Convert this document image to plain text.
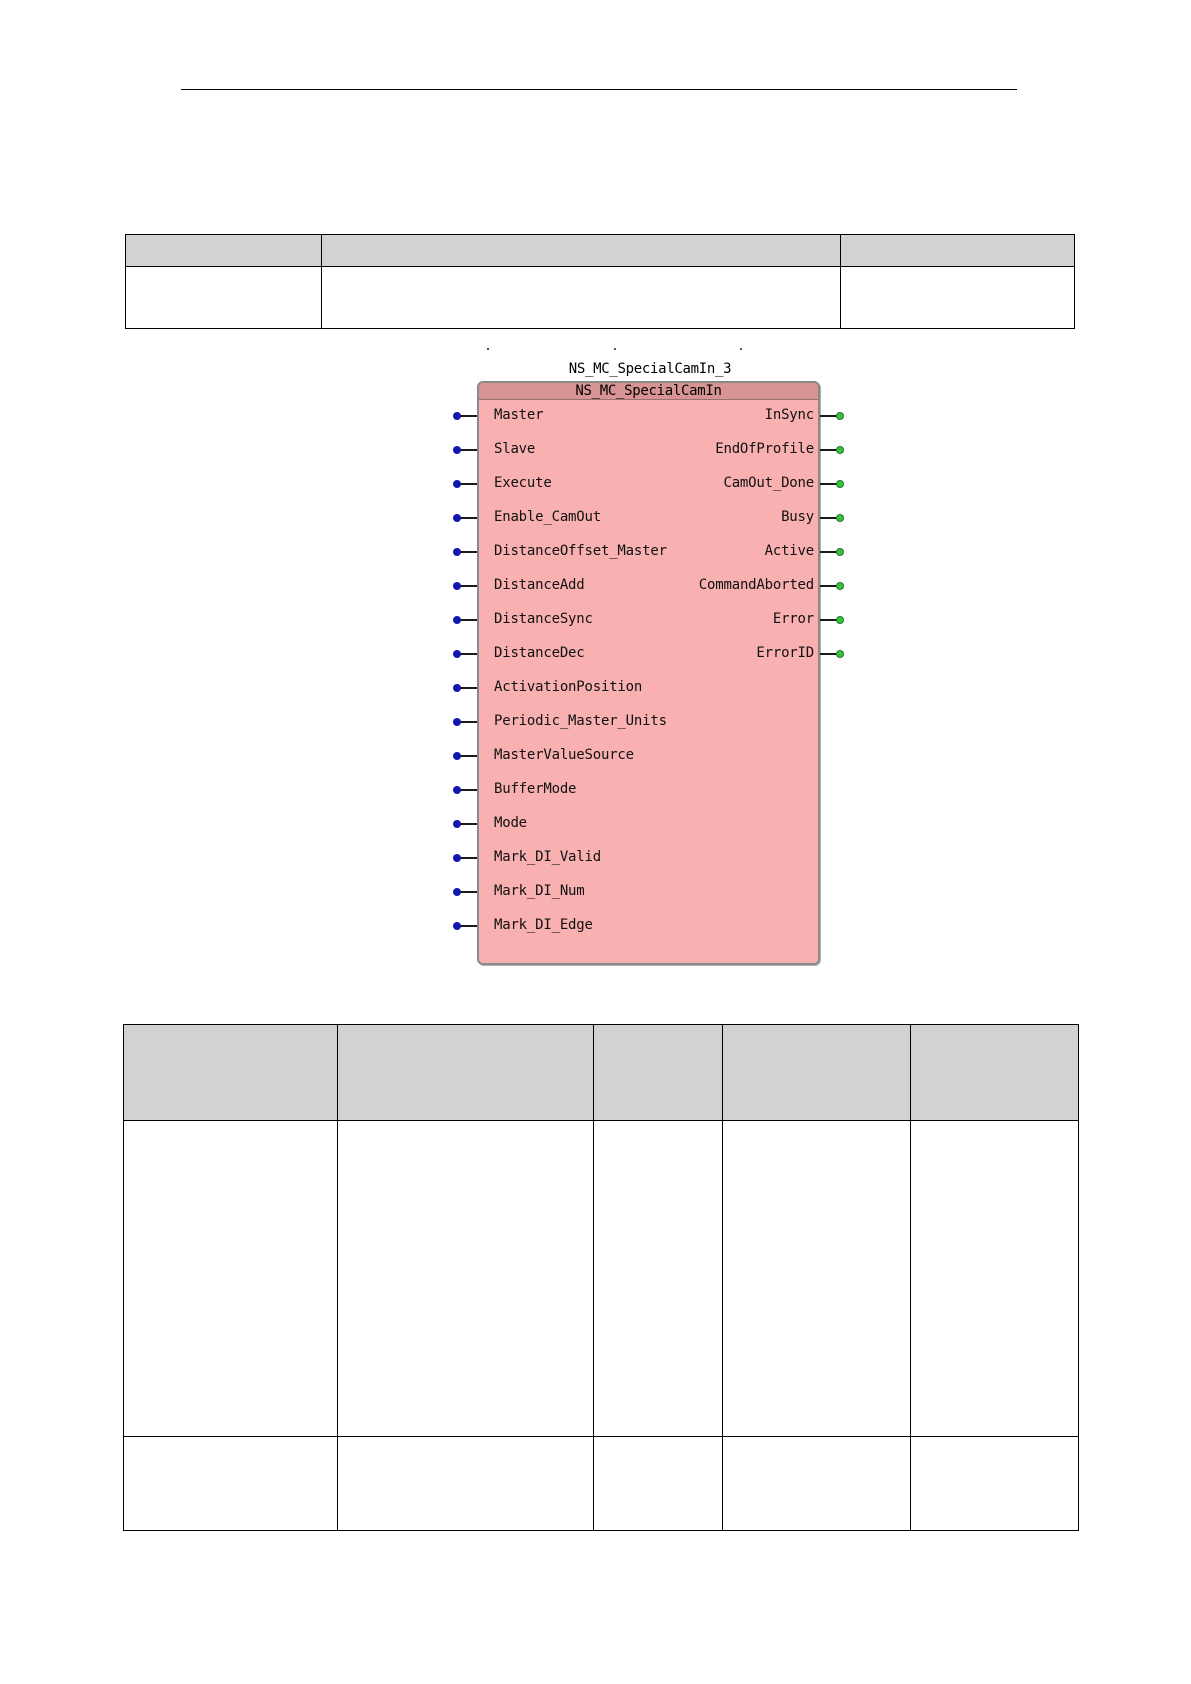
NS_MC_SpecialCamIn_3
NS_MC_SpecialCamIn
Master
Slave
Execute
Enable_CamOut
DistanceOffset_Master
DistanceAdd
DistanceSync
DistanceDec
ActivationPosition
Periodic_Master_Units
MasterValueSource
BufferMode
Mode
Mark_DI_Valid
Mark_DI_Num
Mark_DI_Edge
InSync
EndOfProfile
CamOut_Done
Busy
Active
CommandAborted
Error
ErrorID
